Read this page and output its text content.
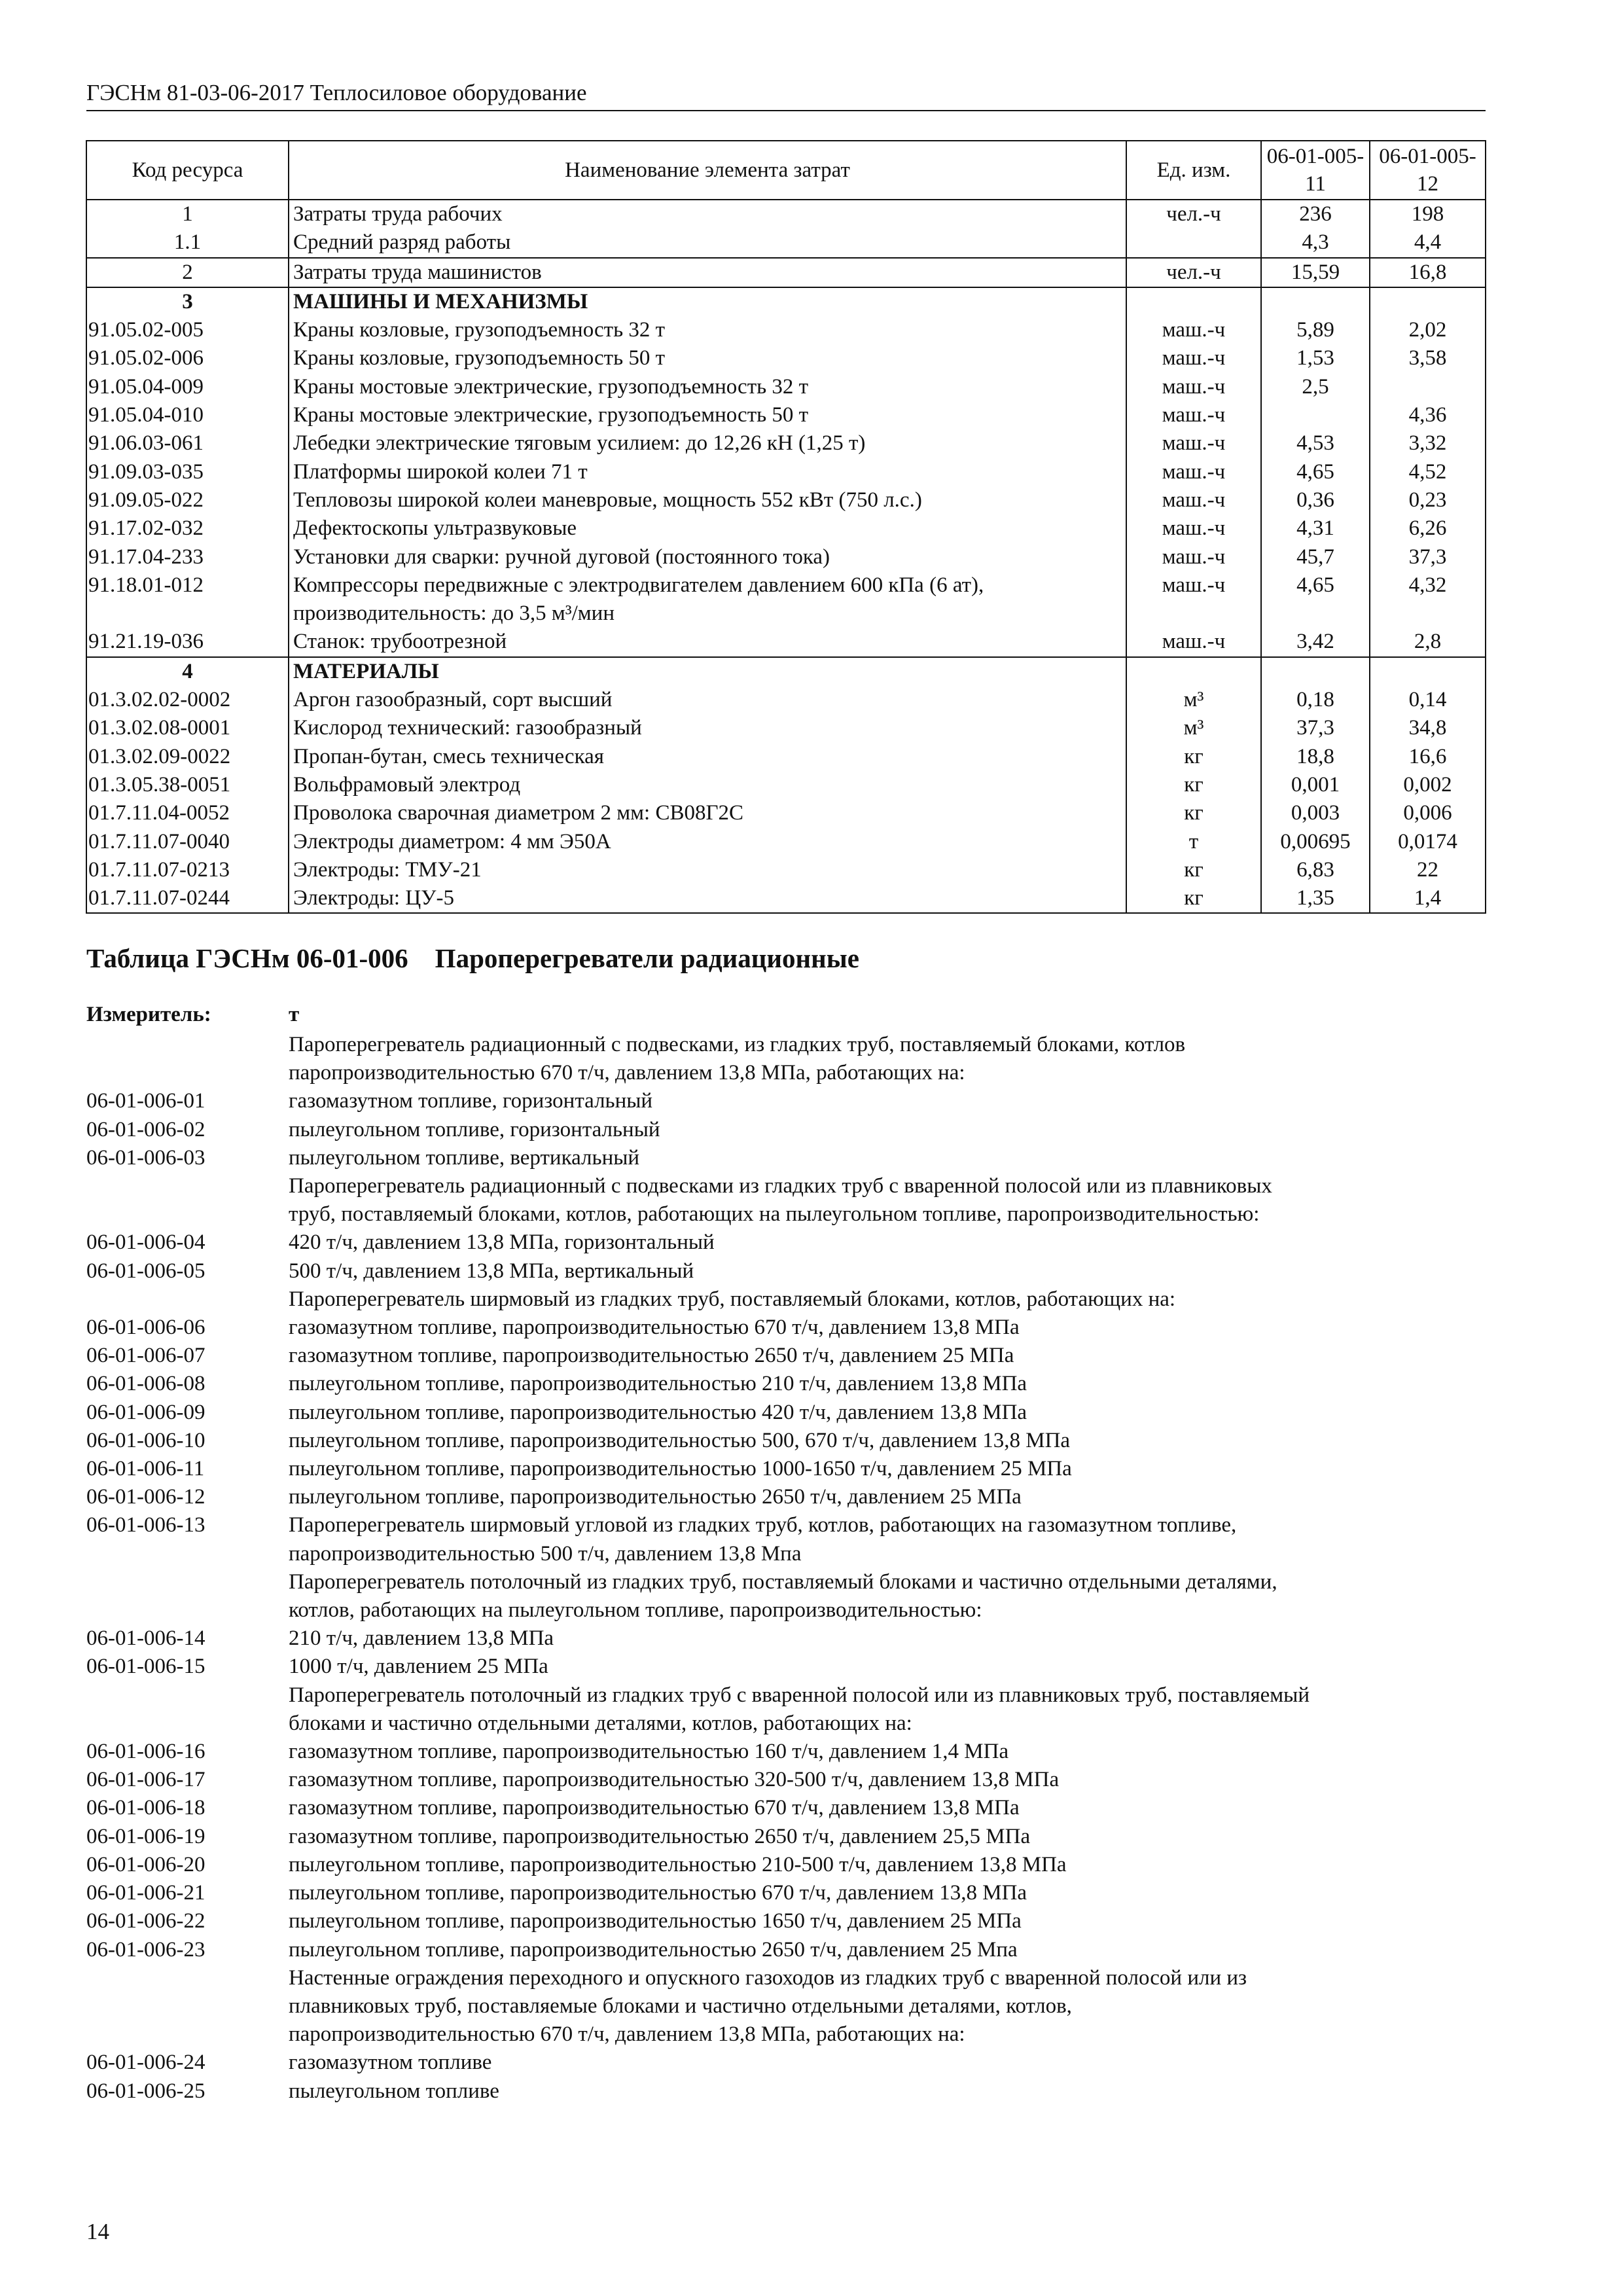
ГЭСНм 81-03-06-2017 Теплосиловое оборудование
Код ресурса	Наименование элемента затрат	Ед. изм.	06-01-005-11	06-01-005-12
1	Затраты труда рабочих	чел.-ч	236	198
1.1	Средний разряд работы		4,3	4,4
2	Затраты труда машинистов	чел.-ч	15,59	16,8
3	МАШИНЫ И МЕХАНИЗМЫ			
91.05.02-005	Краны козловые, грузоподъемность 32 т	маш.-ч	5,89	2,02
91.05.02-006	Краны козловые, грузоподъемность 50 т	маш.-ч	1,53	3,58
91.05.04-009	Краны мостовые электрические, грузоподъемность 32 т	маш.-ч	2,5	
91.05.04-010	Краны мостовые электрические, грузоподъемность 50 т	маш.-ч		4,36
91.06.03-061	Лебедки электрические тяговым усилием: до 12,26 кН (1,25 т)	маш.-ч	4,53	3,32
91.09.03-035	Платформы широкой колеи 71 т	маш.-ч	4,65	4,52
91.09.05-022	Тепловозы широкой колеи маневровые, мощность 552 кВт (750 л.с.)	маш.-ч	0,36	0,23
91.17.02-032	Дефектоскопы ультразвуковые	маш.-ч	4,31	6,26
91.17.04-233	Установки для сварки: ручной дуговой (постоянного тока)	маш.-ч	45,7	37,3
91.18.01-012	Компрессоры передвижные с электродвигателем давлением 600 кПа (6 ат), производительность: до 3,5 м³/мин	маш.-ч	4,65	4,32
91.21.19-036	Станок: трубоотрезной	маш.-ч	3,42	2,8
4	МАТЕРИАЛЫ			
01.3.02.02-0002	Аргон газообразный, сорт высший	м³	0,18	0,14
01.3.02.08-0001	Кислород технический: газообразный	м³	37,3	34,8
01.3.02.09-0022	Пропан-бутан, смесь техническая	кг	18,8	16,6
01.3.05.38-0051	Вольфрамовый электрод	кг	0,001	0,002
01.7.11.04-0052	Проволока сварочная диаметром 2 мм: СВ08Г2С	кг	0,003	0,006
01.7.11.07-0040	Электроды диаметром: 4 мм Э50А	т	0,00695	0,0174
01.7.11.07-0213	Электроды: ТМУ-21	кг	6,83	22
01.7.11.07-0244	Электроды: ЦУ-5	кг	1,35	1,4
Таблица ГЭСНм 06-01-006    Пароперегреватели радиационные
Измеритель:	т
Пароперегреватель радиационный с подвесками, из гладких труб, поставляемый блоками, котлов
паропроизводительностью 670 т/ч, давлением 13,8 МПа, работающих на:
06-01-006-01	газомазутном топливе, горизонтальный
06-01-006-02	пылеугольном топливе, горизонтальный
06-01-006-03	пылеугольном топливе, вертикальный
Пароперегреватель радиационный с подвесками из гладких труб с вваренной полосой или из плавниковых
труб, поставляемый блоками, котлов, работающих на пылеугольном топливе, паропроизводительностью:
06-01-006-04	420 т/ч, давлением 13,8 МПа, горизонтальный
06-01-006-05	500 т/ч, давлением 13,8 МПа, вертикальный
Пароперегреватель ширмовый из гладких труб, поставляемый блоками, котлов, работающих на:
06-01-006-06	газомазутном топливе, паропроизводительностью 670 т/ч, давлением 13,8 МПа
06-01-006-07	газомазутном топливе, паропроизводительностью 2650 т/ч, давлением 25 МПа
06-01-006-08	пылеугольном топливе, паропроизводительностью 210 т/ч, давлением 13,8 МПа
06-01-006-09	пылеугольном топливе, паропроизводительностью 420 т/ч, давлением 13,8 МПа
06-01-006-10	пылеугольном топливе, паропроизводительностью 500, 670 т/ч, давлением 13,8 МПа
06-01-006-11	пылеугольном топливе, паропроизводительностью 1000-1650 т/ч, давлением 25 МПа
06-01-006-12	пылеугольном топливе, паропроизводительностью 2650 т/ч, давлением 25 МПа
06-01-006-13	Пароперегреватель ширмовый угловой из гладких труб, котлов, работающих на газомазутном топливе,
паропроизводительностью 500 т/ч, давлением 13,8 Мпа
Пароперегреватель потолочный из гладких труб, поставляемый блоками и частично отдельными деталями,
котлов, работающих на пылеугольном топливе, паропроизводительностью:
06-01-006-14	210 т/ч, давлением 13,8 МПа
06-01-006-15	1000 т/ч, давлением 25 МПа
Пароперегреватель потолочный из гладких труб с вваренной полосой или из плавниковых труб, поставляемый
блоками и частично отдельными деталями, котлов, работающих на:
06-01-006-16	газомазутном топливе, паропроизводительностью 160 т/ч, давлением 1,4 МПа
06-01-006-17	газомазутном топливе, паропроизводительностью 320-500 т/ч, давлением 13,8 МПа
06-01-006-18	газомазутном топливе, паропроизводительностью 670 т/ч, давлением 13,8 МПа
06-01-006-19	газомазутном топливе, паропроизводительностью 2650 т/ч, давлением 25,5 МПа
06-01-006-20	пылеугольном топливе, паропроизводительностью 210-500 т/ч, давлением 13,8 МПа
06-01-006-21	пылеугольном топливе, паропроизводительностью 670 т/ч, давлением 13,8 МПа
06-01-006-22	пылеугольном топливе, паропроизводительностью 1650 т/ч, давлением 25 МПа
06-01-006-23	пылеугольном топливе, паропроизводительностью 2650 т/ч, давлением 25 Мпа
Настенные ограждения переходного и опускного газоходов из гладких труб с вваренной полосой или из
плавниковых труб, поставляемые блоками и частично отдельными деталями, котлов,
паропроизводительностью 670 т/ч, давлением 13,8 МПа, работающих на:
06-01-006-24	газомазутном топливе
06-01-006-25	пылеугольном топливе
14
